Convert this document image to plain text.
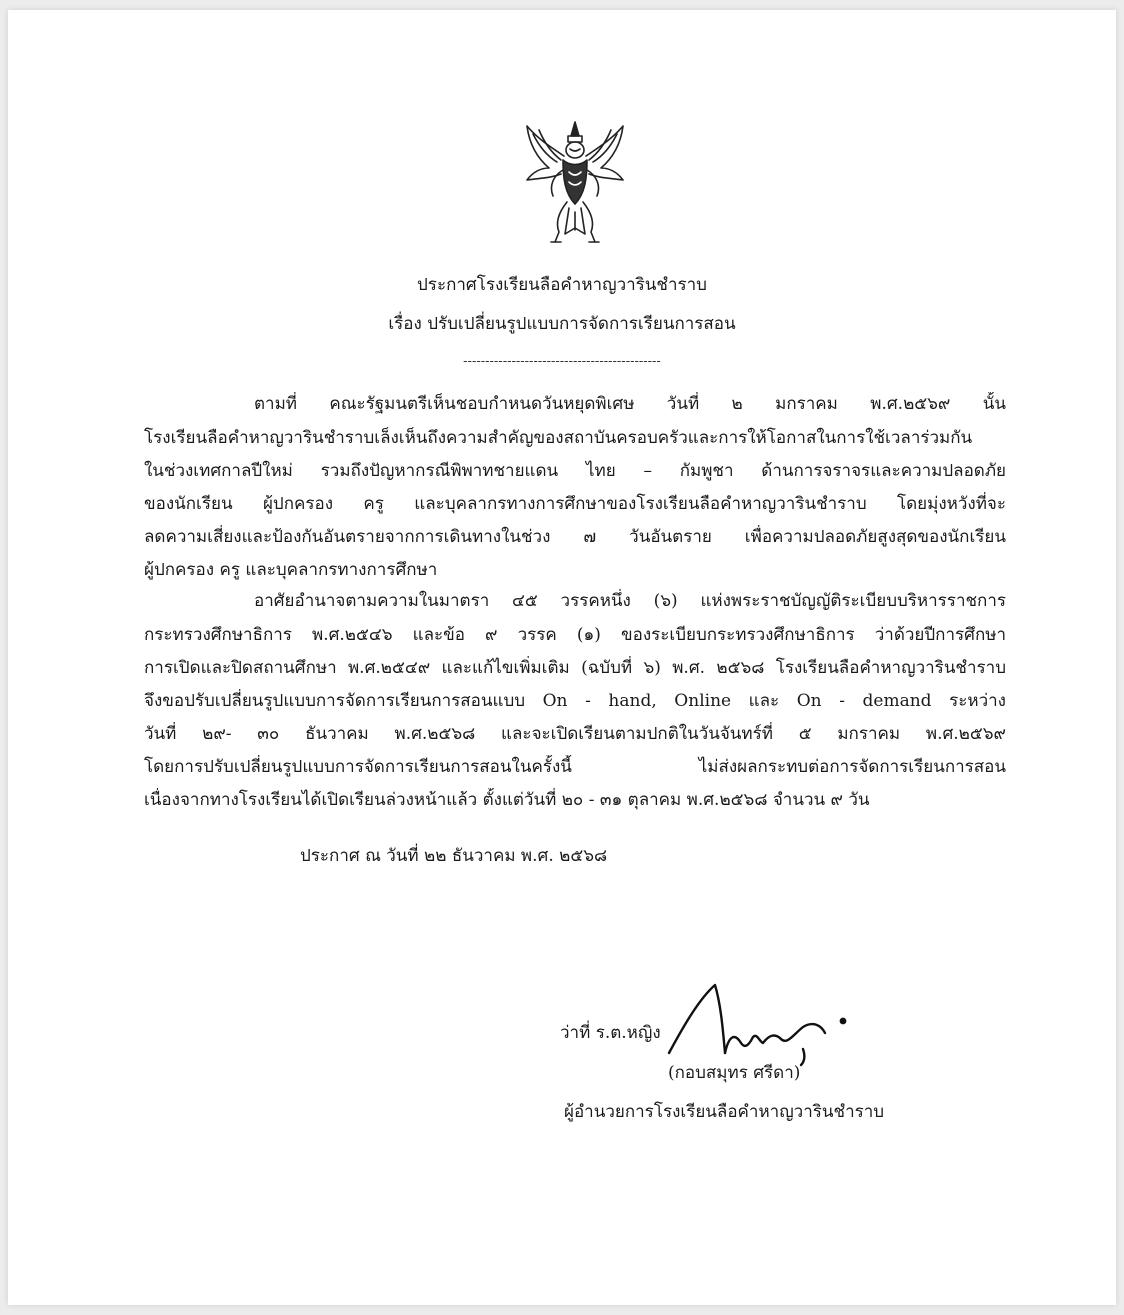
ประกาศโรงเรียนลือคำหาญวารินชำราบ
เรื่อง ปรับเปลี่ยนรูปแบบการจัดการเรียนการสอน
---------------------------------------------
ตามที่ คณะรัฐมนตรีเห็นชอบกำหนดวันหยุดพิเศษ วันที่ ๒ มกราคม พ.ศ.๒๕๖๙ นั้น
โรงเรียนลือคำหาญวารินชำราบเล็งเห็นถึงความสำคัญของสถาบันครอบครัวและการให้โอกาสในการใช้เวลาร่วมกัน
ในช่วงเทศกาลปีใหม่ รวมถึงปัญหากรณีพิพาทชายแดน ไทย – กัมพูชา ด้านการจราจรและความปลอดภัย
ของนักเรียน ผู้ปกครอง ครู และบุคลากรทางการศึกษาของโรงเรียนลือคำหาญวารินชำราบ โดยมุ่งหวังที่จะ
ลดความเสี่ยงและป้องกันอันตรายจากการเดินทางในช่วง ๗ วันอันตราย เพื่อความปลอดภัยสูงสุดของนักเรียน
ผู้ปกครอง ครู และบุคลากรทางการศึกษา
อาศัยอำนาจตามความในมาตรา ๔๕ วรรคหนึ่ง (๖) แห่งพระราชบัญญัติระเบียบบริหารราชการ
กระทรวงศึกษาธิการ พ.ศ.๒๕๔๖ และข้อ ๙ วรรค (๑) ของระเบียบกระทรวงศึกษาธิการ ว่าด้วยปีการศึกษา
การเปิดและปิดสถานศึกษา พ.ศ.๒๕๔๙ และแก้ไขเพิ่มเติม (ฉบับที่ ๖) พ.ศ. ๒๕๖๘ โรงเรียนลือคำหาญวารินชำราบ
จึงขอปรับเปลี่ยนรูปแบบการจัดการเรียนการสอนแบบ On - hand, Online และ On - demand ระหว่าง
วันที่ ๒๙- ๓๐ ธันวาคม พ.ศ.๒๕๖๘ และจะเปิดเรียนตามปกติในวันจันทร์ที่ ๕ มกราคม พ.ศ.๒๕๖๙
โดยการปรับเปลี่ยนรูปแบบการจัดการเรียนการสอนในครั้งนี้ ไม่ส่งผลกระทบต่อการจัดการเรียนการสอน
เนื่องจากทางโรงเรียนได้เปิดเรียนล่วงหน้าแล้ว ตั้งแต่วันที่ ๒๐ - ๓๑ ตุลาคม พ.ศ.๒๕๖๘ จำนวน ๙ วัน
ประกาศ ณ วันที่ ๒๒ ธันวาคม พ.ศ. ๒๕๖๘
ว่าที่ ร.ต.หญิง
(กอบสมุทร ศรีดา)
ผู้อำนวยการโรงเรียนลือคำหาญวารินชำราบ
